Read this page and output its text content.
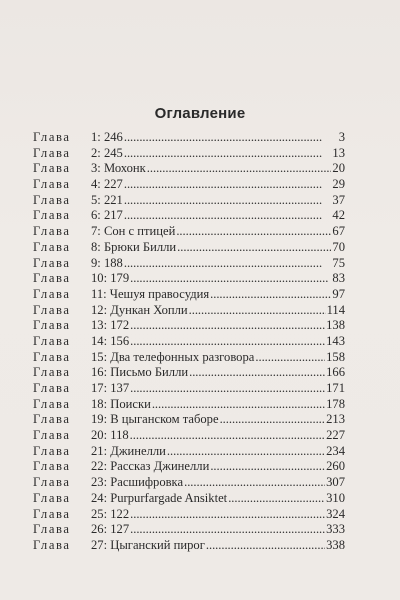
Оглавление
Глава	1: 246 . . .	3
Глава	2: 245 . . .	13
Глава	3: Мохонк . . .	20
Глава	4: 227 . . .	29
Глава	5: 221 . . .	37
Глава	6: 217 . . .	42
Глава	7: Сон с птицей . . .	67
Глава	8: Брюки Билли . . .	70
Глава	9: 188 . . .	75
Глава	10: 179 . . .	83
Глава	11: Чешуя правосудия . . .	97
Глава	12: Дункан Хопли . . .	114
Глава	13: 172 . . .	138
Глава	14: 156 . . .	143
Глава	15: Два телефонных разговора . . .	158
Глава	16: Письмо Билли . . .	166
Глава	17: 137 . . .	171
Глава	18: Поиски . . .	178
Глава	19: В цыганском таборе . . .	213
Глава	20: 118 . . .	227
Глава	21: Джинелли . . .	234
Глава	22: Рассказ Джинелли . . .	260
Глава	23: Расшифровка . . .	307
Глава	24: Purpurfargade Ansiktet . . .	310
Глава	25: 122 . . .	324
Глава	26: 127 . . .	333
Глава	27: Цыганский пирог . . .	338
